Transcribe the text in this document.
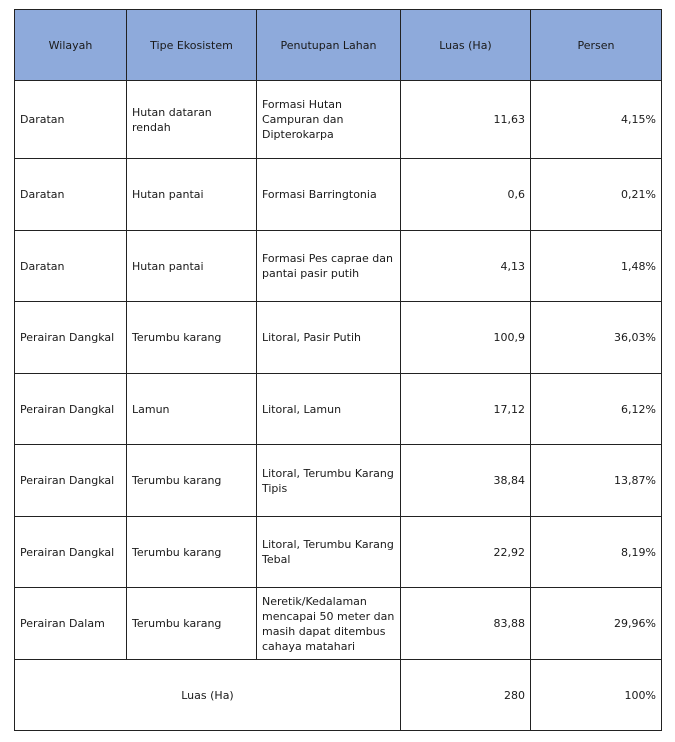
Wilayah	Tipe Ekosistem	Penutupan Lahan	Luas (Ha)	Persen
Daratan	Hutan dataran rendah	Formasi Hutan Campuran dan Dipterokarpa	11,63	4,15%
Daratan	Hutan pantai	Formasi Barringtonia	0,6	0,21%
Daratan	Hutan pantai	Formasi Pes caprae dan pantai pasir putih	4,13	1,48%
Perairan Dangkal	Terumbu karang	Litoral, Pasir Putih	100,9	36,03%
Perairan Dangkal	Lamun	Litoral, Lamun	17,12	6,12%
Perairan Dangkal	Terumbu karang	Litoral, Terumbu Karang Tipis	38,84	13,87%
Perairan Dangkal	Terumbu karang	Litoral, Terumbu Karang Tebal	22,92	8,19%
Perairan Dalam	Terumbu karang	Neretik/Kedalaman mencapai 50 meter dan masih dapat ditembus cahaya matahari	83,88	29,96%
Luas (Ha)			280	100%
